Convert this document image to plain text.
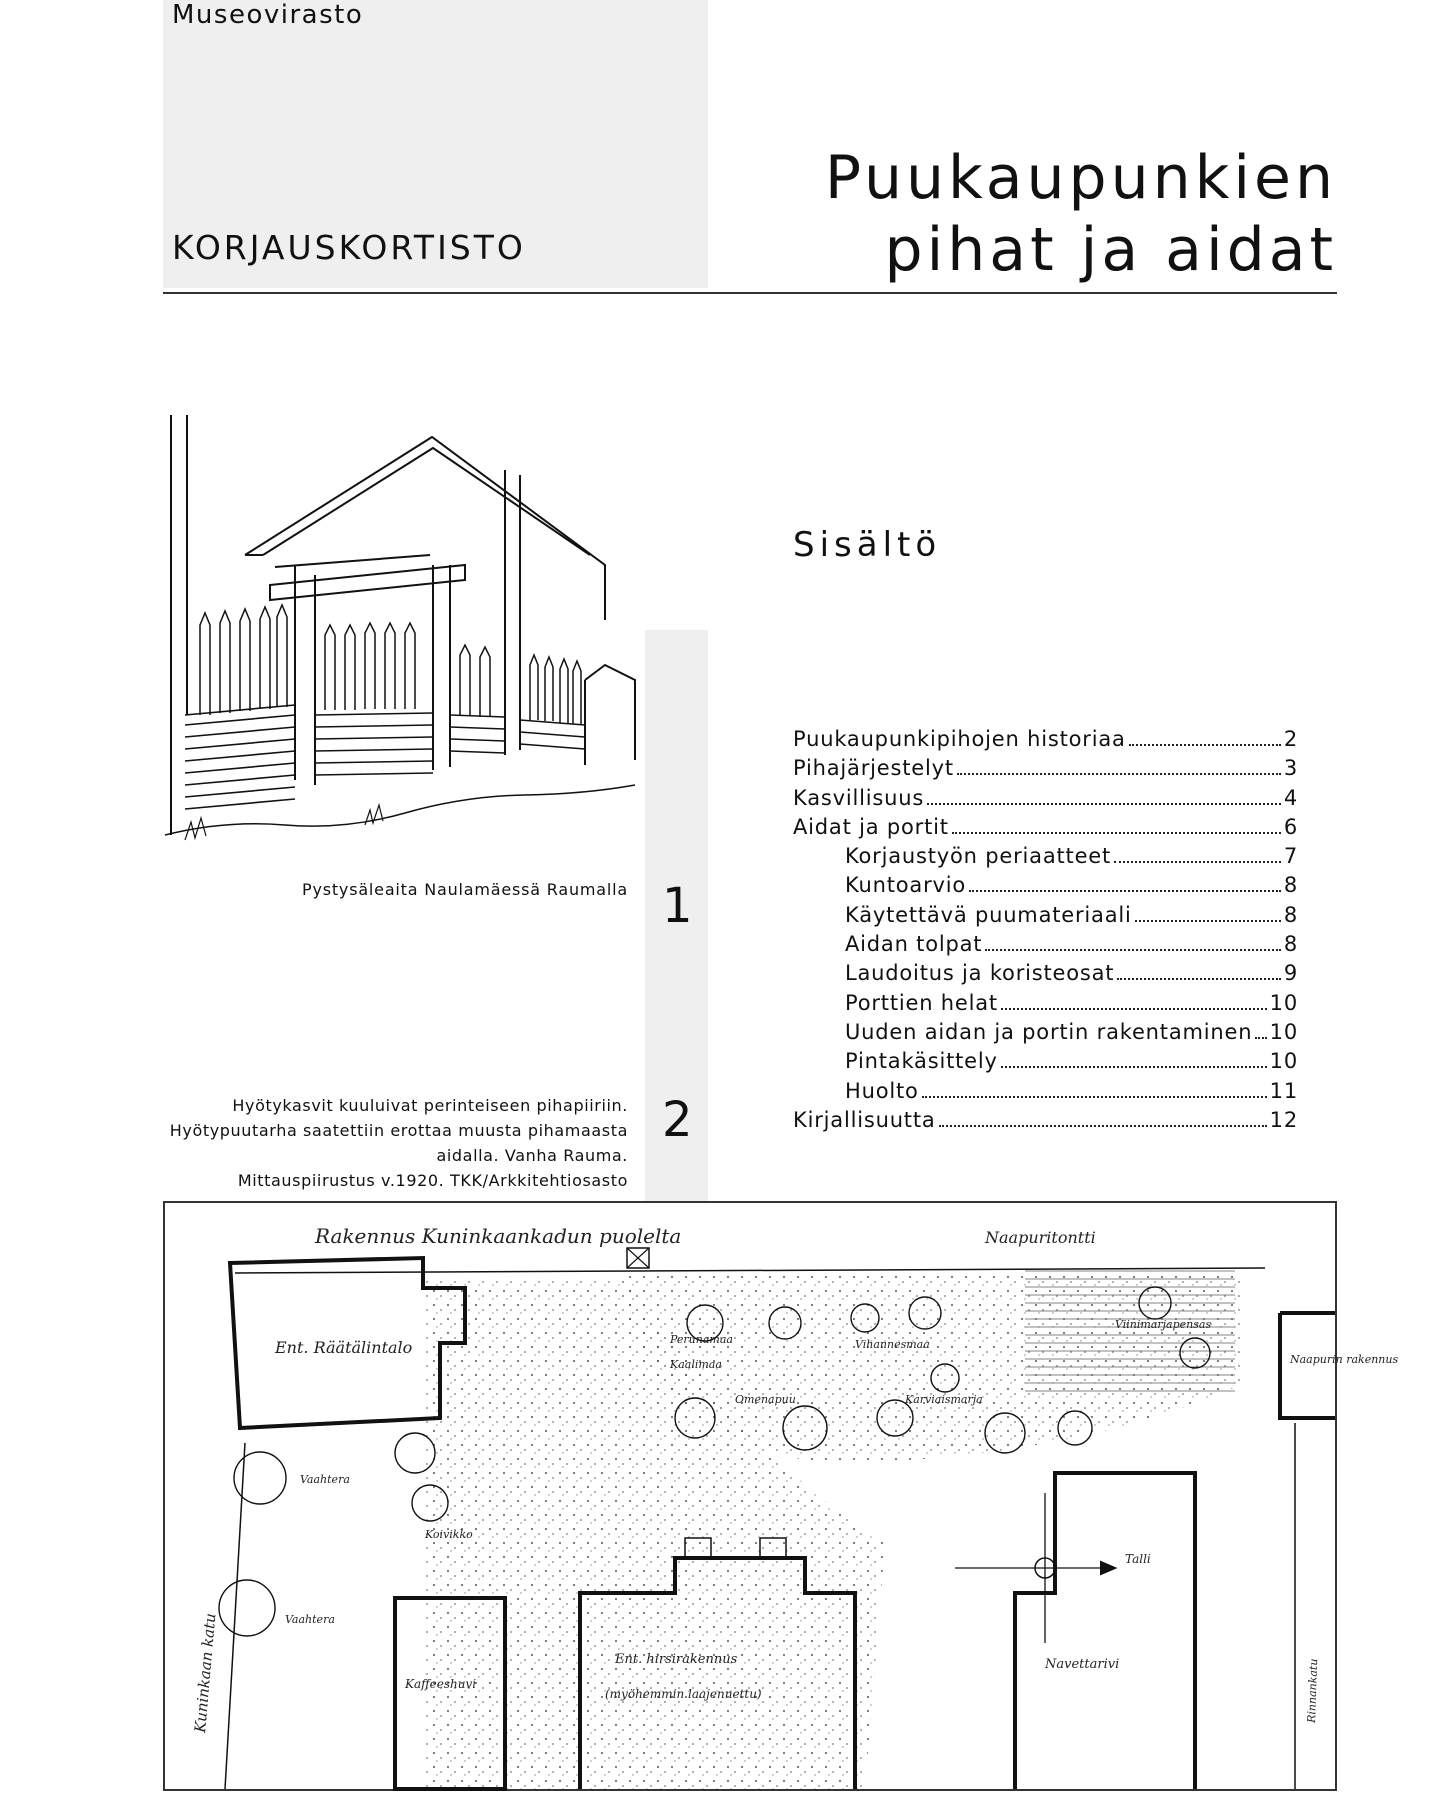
Museovirasto
KORJAUSKORTISTO
Puukaupunkien
pihat ja aidat
Pystysäleaita Naulamäessä Raumalla 1
Hyötykasvit kuuluivat perinteiseen pihapiiriin.
Hyötypuutarha saatettiin erottaa muusta pihamaasta
aidalla. Vanha Rauma.
Mittauspiirustus v.1920. TKK/Arkkitehtiosasto
2
Sisältö
Puukaupunkipihojen historiaa	2
Pihajärjestelyt	3
Kasvillisuus	4
Aidat ja portit	6
Korjaustyön periaatteet	7
Kuntoarvio	8
Käytettävä puumateriaali	8
Aidan tolpat	8
Laudoitus ja koristeosat	9
Porttien helat	10
Uuden aidan ja portin rakentaminen 10
Pintakäsittely	10
Huolto	11
Kirjallisuutta	12
Rakennus Kuninkaankadun puolelta	Naapuritontti
Ent. Räätälintalo	Perunamaa
Kaalimaa
Vihannesmaa
Omenapuu	Karviaismarja
Viinimarjapensas
Naapurin rakennus
Vaahtera
Koivikko
Vaahtera
Kuninkaan katu	Kaffeeshuvi
Ent. hirsirakennus
(myöhemmin laajennettu)
Navettarivi
Talli
Rinnankatu
